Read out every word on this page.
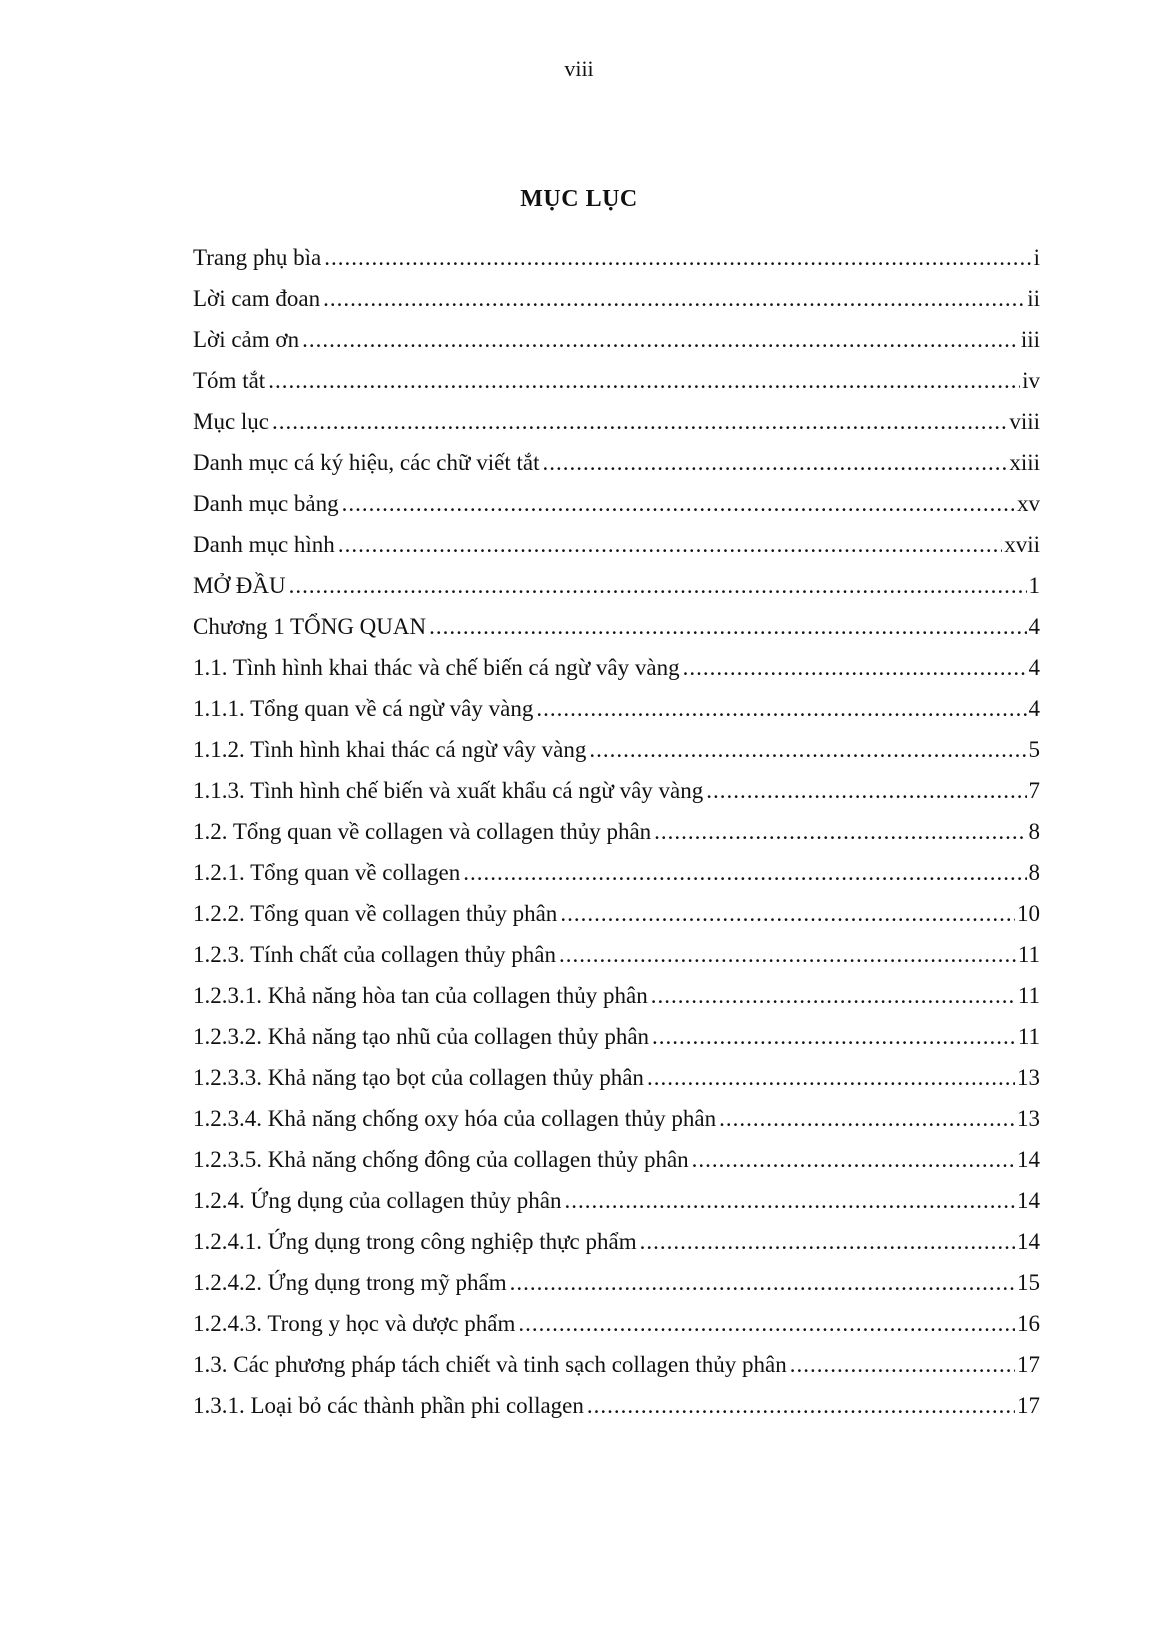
viii
MỤC LỤC
Trang phụ bìa .....	i
Lời cam đoan .....	ii
Lời cảm ơn .....	iii
Tóm tắt .....	iv
Mục lục .....	viii
Danh mục cá ký hiệu, các chữ viết tắt .....	xiii
Danh mục bảng .....	xv
Danh mục hình .....	xvii
MỞ ĐẦU .....	1
Chương 1 TỔNG QUAN .....	4
1.1. Tình hình khai thác và chế biến cá ngừ vây vàng .....	4
1.1.1. Tổng quan về cá ngừ vây vàng .....	4
1.1.2. Tình hình khai thác cá ngừ vây vàng .....	5
1.1.3. Tình hình chế biến và xuất khẩu cá ngừ vây vàng .....	7
1.2. Tổng quan về collagen và collagen thủy phân .....	8
1.2.1. Tổng quan về collagen .....	8
1.2.2. Tổng quan về collagen thủy phân .....	10
1.2.3. Tính chất của collagen thủy phân .....	11
1.2.3.1. Khả năng hòa tan của collagen thủy phân .....	11
1.2.3.2. Khả năng tạo nhũ của collagen thủy phân .....	11
1.2.3.3. Khả năng tạo bọt của collagen thủy phân .....	13
1.2.3.4. Khả năng chống oxy hóa của collagen thủy phân .....	13
1.2.3.5. Khả năng chống đông của collagen thủy phân .....	14
1.2.4. Ứng dụng của collagen thủy phân .....	14
1.2.4.1. Ứng dụng trong công nghiệp thực phẩm .....	14
1.2.4.2. Ứng dụng trong mỹ phẩm .....	15
1.2.4.3. Trong y học và dược phẩm .....	16
1.3. Các phương pháp tách chiết và tinh sạch collagen thủy phân .....	17
1.3.1. Loại bỏ các thành phần phi collagen .....	17
